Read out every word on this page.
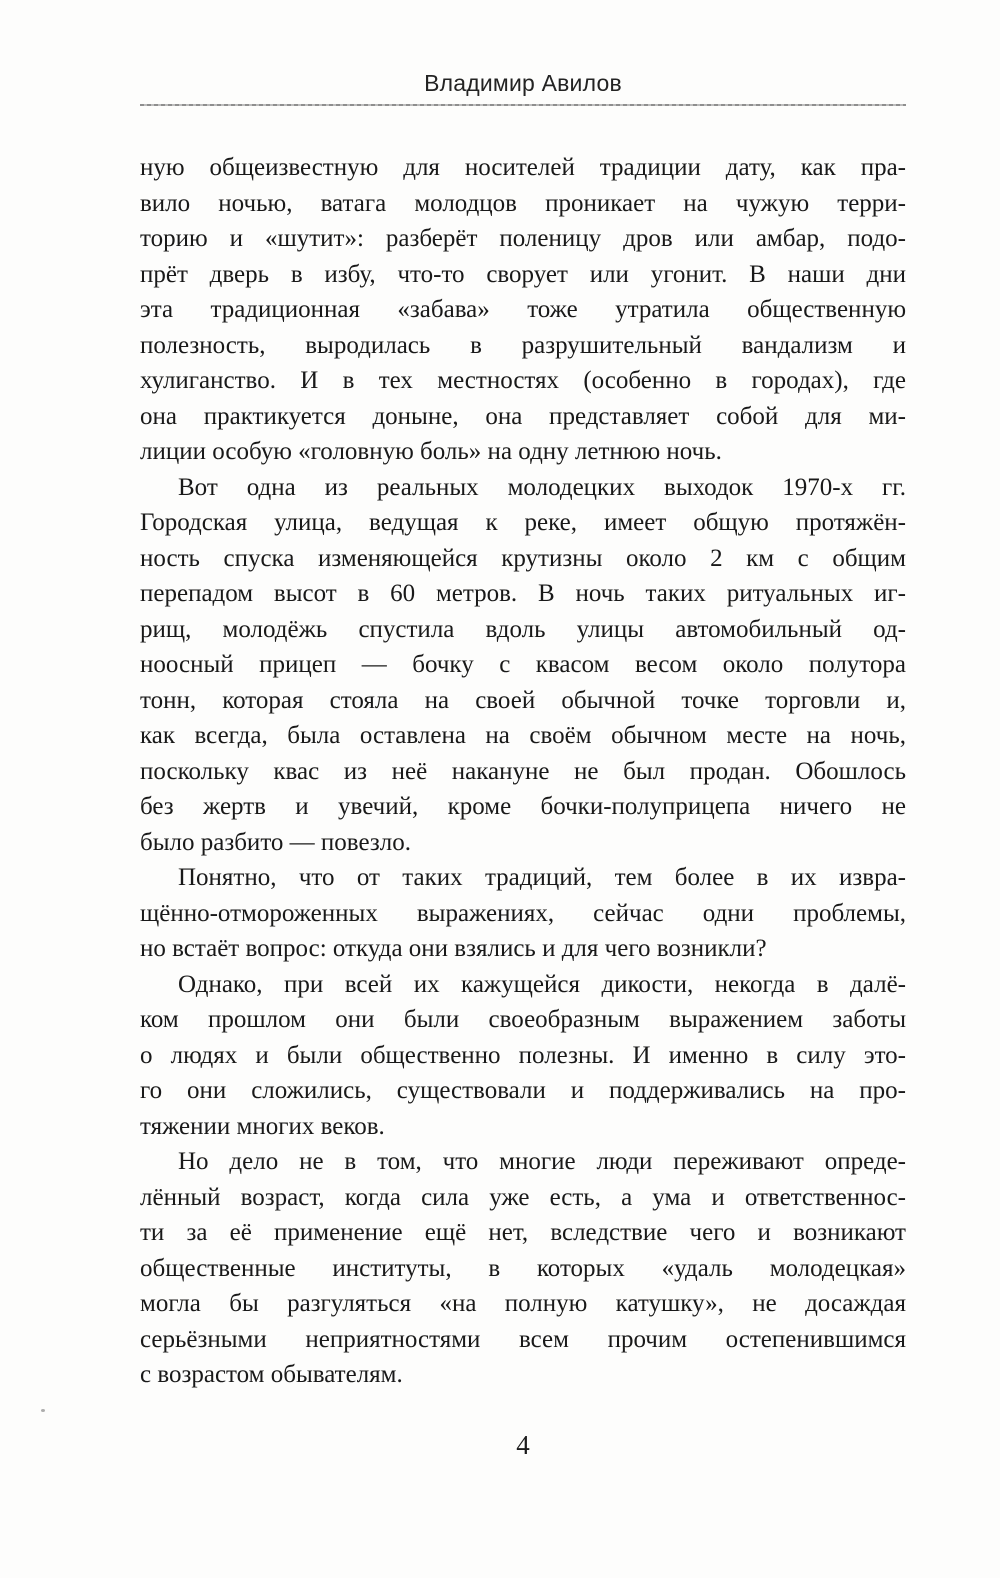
Владимир Авилов
ную общеизвестную для носителей традиции дату, как пра-
вило ночью, ватага молодцов проникает на чужую терри-
торию и «шутит»: разберёт поленицу дров или амбар, подо-
прёт дверь в избу, что-то сворует или угонит. В наши дни
эта традиционная «забава» тоже утратила общественную
полезность, выродилась в разрушительный вандализм и
хулиганство. И в тех местностях (особенно в городах), где
она практикуется доныне, она представляет собой для ми-
лиции особую «головную боль» на одну летнюю ночь.
Вот одна из реальных молодецких выходок 1970-х гг.
Городская улица, ведущая к реке, имеет общую протяжён-
ность спуска изменяющейся крутизны около 2 км с общим
перепадом высот в 60 метров. В ночь таких ритуальных иг-
рищ, молодёжь спустила вдоль улицы автомобильный од-
ноосный прицеп — бочку с квасом весом около полутора
тонн, которая стояла на своей обычной точке торговли и,
как всегда, была оставлена на своём обычном месте на ночь,
поскольку квас из неё накануне не был продан. Обошлось
без жертв и увечий, кроме бочки-полуприцепа ничего не
было разбито — повезло.
Понятно, что от таких традиций, тем более в их извра-
щённо-отмороженных выражениях, сейчас одни проблемы,
но встаёт вопрос: откуда они взялись и для чего возникли?
Однако, при всей их кажущейся дикости, некогда в далё-
ком прошлом они были своеобразным выражением заботы
о людях и были общественно полезны. И именно в силу это-
го они сложились, существовали и поддерживались на про-
тяжении многих веков.
Но дело не в том, что многие люди переживают опреде-
лённый возраст, когда сила уже есть, а ума и ответственнос-
ти за её применение ещё нет, вследствие чего и возникают
общественные институты, в которых «удаль молодецкая»
могла бы разгуляться «на полную катушку», не досаждая
серьёзными неприятностями всем прочим остепенившимся
с возрастом обывателям.
4
